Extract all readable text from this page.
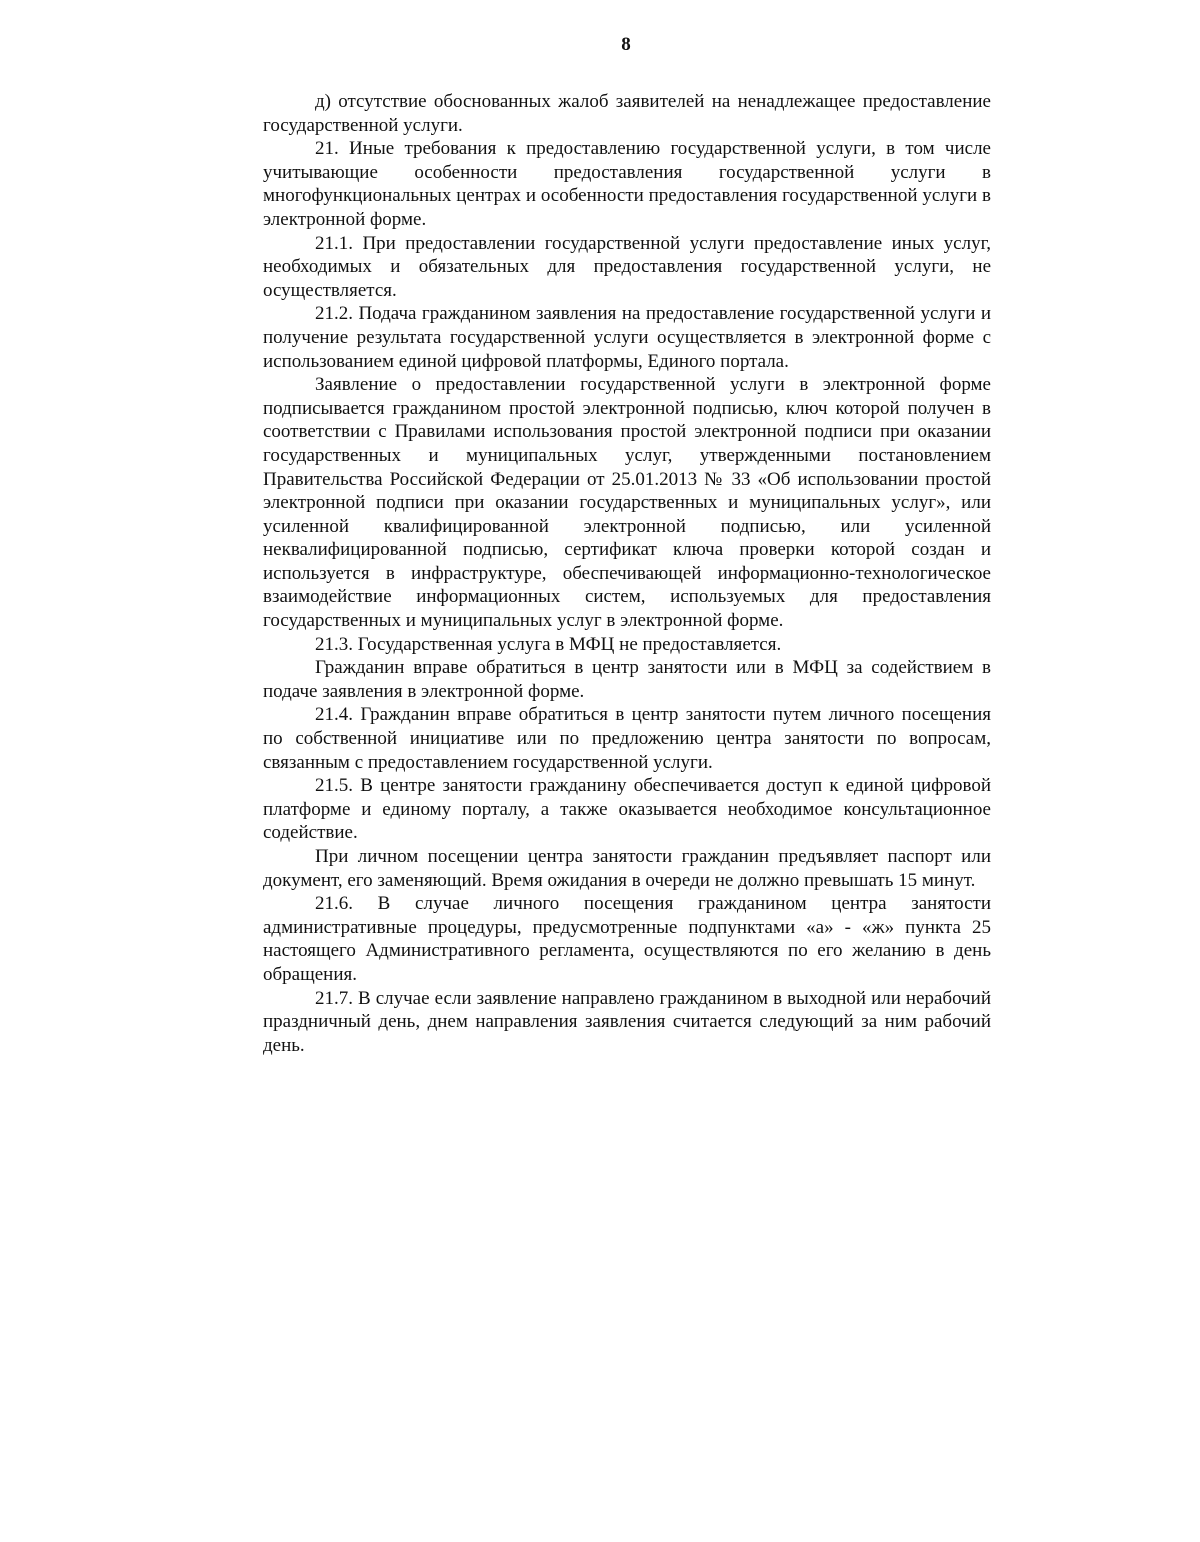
8

д) отсутствие обоснованных жалоб заявителей на ненадлежащее предоставление государственной услуги.

21. Иные требования к предоставлению государственной услуги, в том числе учитывающие особенности предоставления государственной услуги в многофункциональных центрах и особенности предоставления государственной услуги в электронной форме.

21.1. При предоставлении государственной услуги предоставление иных услуг, необходимых и обязательных для предоставления государственной услуги, не осуществляется.

21.2. Подача гражданином заявления на предоставление государственной услуги и получение результата государственной услуги осуществляется в электронной форме с использованием единой цифровой платформы, Единого портала.

Заявление о предоставлении государственной услуги в электронной форме подписывается гражданином простой электронной подписью, ключ которой получен в соответствии с Правилами использования простой электронной подписи при оказании государственных и муниципальных услуг, утвержденными постановлением Правительства Российской Федерации от 25.01.2013 № 33 «Об использовании простой электронной подписи при оказании государственных и муниципальных услуг», или усиленной квалифицированной электронной подписью, или усиленной неквалифицированной подписью, сертификат ключа проверки которой создан и используется в инфраструктуре, обеспечивающей информационно-технологическое взаимодействие информационных систем, используемых для предоставления государственных и муниципальных услуг в электронной форме.

21.3. Государственная услуга в МФЦ не предоставляется.

Гражданин вправе обратиться в центр занятости или в МФЦ за содействием в подаче заявления в электронной форме.

21.4. Гражданин вправе обратиться в центр занятости путем личного посещения по собственной инициативе или по предложению центра занятости по вопросам, связанным с предоставлением государственной услуги.

21.5. В центре занятости гражданину обеспечивается доступ к единой цифровой платформе и единому порталу, а также оказывается необходимое консультационное содействие.

При личном посещении центра занятости гражданин предъявляет паспорт или документ, его заменяющий. Время ожидания в очереди не должно превышать 15 минут.

21.6. В случае личного посещения гражданином центра занятости административные процедуры, предусмотренные подпунктами «а» - «ж» пункта 25 настоящего Административного регламента, осуществляются по его желанию в день обращения.

21.7. В случае если заявление направлено гражданином в выходной или нерабочий праздничный день, днем направления заявления считается следующий за ним рабочий день.
